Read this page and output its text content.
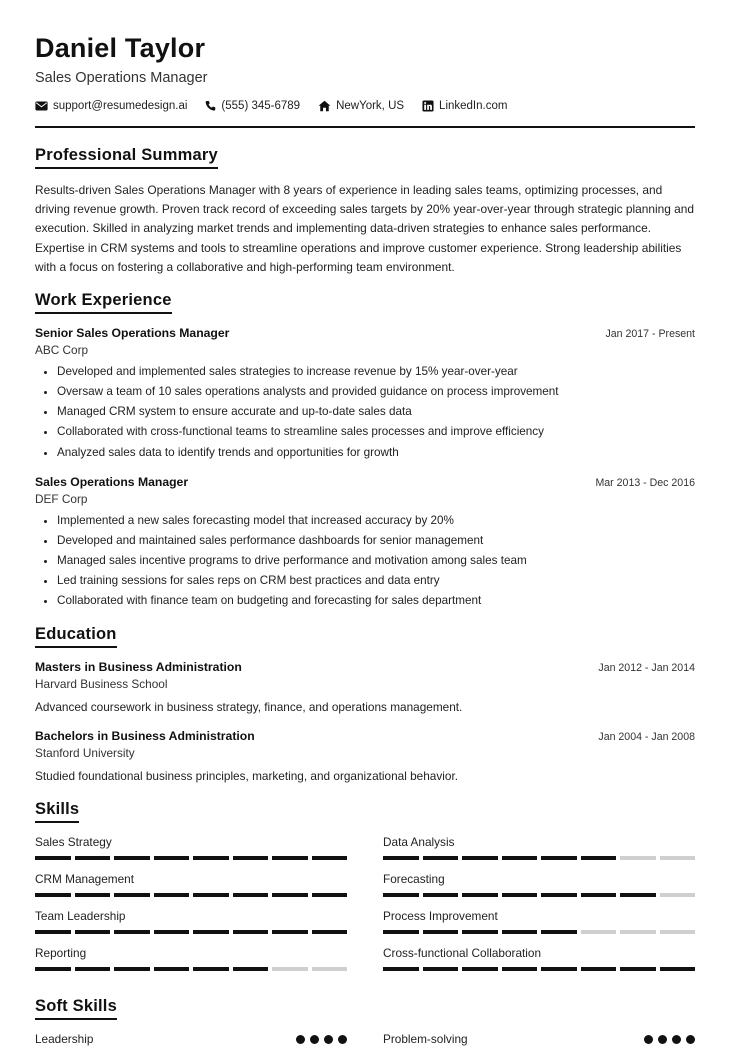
Daniel Taylor
Sales Operations Manager
support@resumedesign.ai	(555) 345-6789	NewYork, US	LinkedIn.com
Professional Summary

Results-driven Sales Operations Manager with 8 years of experience in leading sales teams, optimizing processes, and driving revenue growth. Proven track record of exceeding sales targets by 20% year-over-year through strategic planning and execution. Skilled in analyzing market trends and implementing data-driven strategies to enhance sales performance. Expertise in CRM systems and tools to streamline operations and improve customer experience. Strong leadership abilities with a focus on fostering a collaborative and high-performing team environment.

Work Experience
Senior Sales Operations Manager	Jan 2017 - Present
ABC Corp
• Developed and implemented sales strategies to increase revenue by 15% year-over-year
• Oversaw a team of 10 sales operations analysts and provided guidance on process improvement
• Managed CRM system to ensure accurate and up-to-date sales data
• Collaborated with cross-functional teams to streamline sales processes and improve efficiency
• Analyzed sales data to identify trends and opportunities for growth
Sales Operations Manager	Mar 2013 - Dec 2016
DEF Corp
• Implemented a new sales forecasting model that increased accuracy by 20%
• Developed and maintained sales performance dashboards for senior management
• Managed sales incentive programs to drive performance and motivation among sales team
• Led training sessions for sales reps on CRM best practices and data entry
• Collaborated with finance team on budgeting and forecasting for sales department
Education
Masters in Business Administration	Jan 2012 - Jan 2014
Harvard Business School
Advanced coursework in business strategy, finance, and operations management.
Bachelors in Business Administration	Jan 2004 - Jan 2008
Stanford University
Studied foundational business principles, marketing, and organizational behavior.
Skills
Sales Strategy	Data Analysis
CRM Management	Forecasting
Team Leadership	Process Improvement
Reporting	Cross-functional Collaboration
Soft Skills
Leadership	Problem-solving
